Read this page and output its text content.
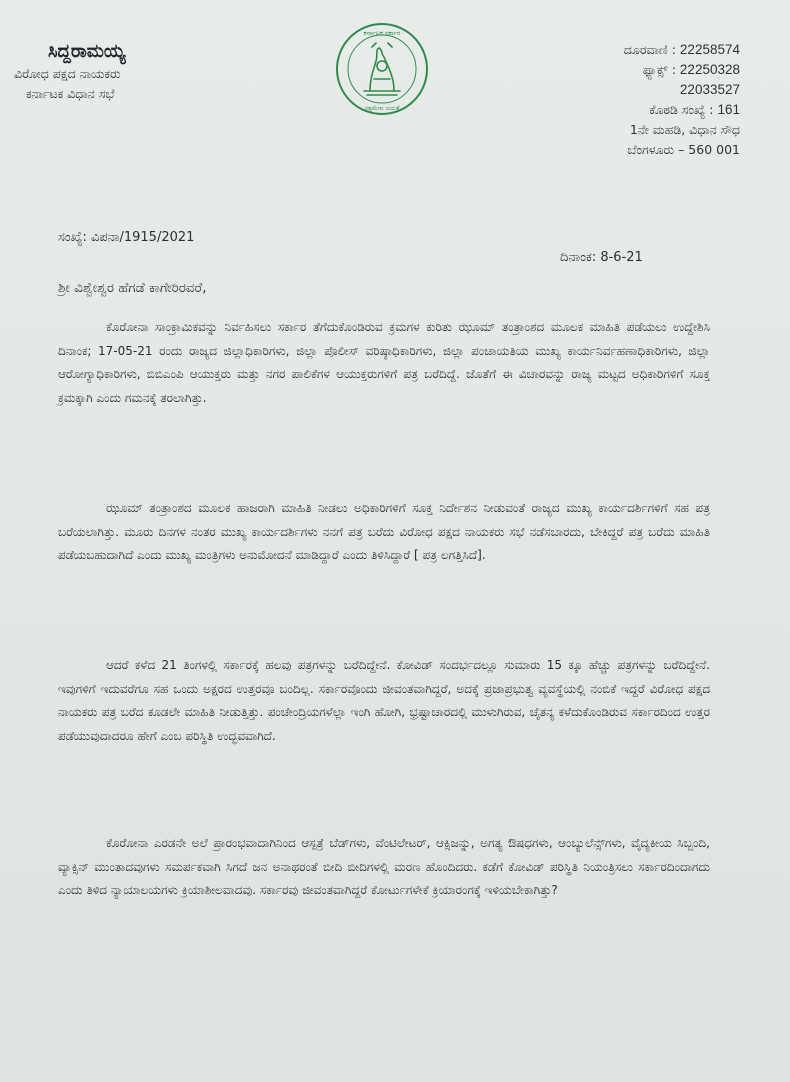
ಸಿದ್ದರಾಮಯ್ಯ
ವಿರೋಧ ಪಕ್ಷದ ನಾಯಕರು
ಕರ್ನಾಟಕ ವಿಧಾನ ಸಭೆ
ಕರ್ನಾಟಕ ಸರ್ಕಾರ
ಸತ್ಯಮೇವ ಜಯತೆ
ದೂರವಾಣಿ : 22258574
ಫ್ಯಾಕ್ಸ್ : 22250328
22033527
ಕೊಠಡಿ ಸಂಖ್ಯೆ : 161
1ನೇ ಮಹಡಿ, ವಿಧಾನ ಸೌಧ
ಬೆಂಗಳೂರು – 560 001
ಸಂಖ್ಯೆ: ವಿಪನಾ/1915/2021
ದಿನಾಂಕ: 8-6-21
ಶ್ರೀ ವಿಶ್ವೇಶ್ವರ ಹೆಗಡೆ ಕಾಗೇರಿರವರೆ,

ಕೊರೋನಾ ಸಾಂಕ್ರಾಮಿಕವನ್ನು ನಿರ್ವಹಿಸಲು ಸರ್ಕಾರ ತೆಗೆದುಕೊಂಡಿರುವ ಕ್ರಮಗಳ ಕುರಿತು ಝೂಮ್ ತಂತ್ರಾಂಶದ ಮೂಲಕ ಮಾಹಿತಿ ಪಡೆಯಲು ಉದ್ದೇಶಿಸಿ ದಿನಾಂಕ; 17-05-21 ರಂದು ರಾಜ್ಯದ ಜಿಲ್ಲಾಧಿಕಾರಿಗಳು, ಜಿಲ್ಲಾ ಪೊಲೀಸ್ ವರಿಷ್ಠಾಧಿಕಾರಿಗಳು, ಜಿಲ್ಲಾ ಪಂಚಾಯತಿಯ ಮುಖ್ಯ ಕಾರ್ಯನಿರ್ವಹಣಾಧಿಕಾರಿಗಳು, ಜಿಲ್ಲಾ ಆರೋಗ್ಯಾಧಿಕಾರಿಗಳು, ಬಿಬಿಎಂಪಿ ಆಯುಕ್ತರು ಮತ್ತು ನಗರ ಪಾಲಿಕೆಗಳ ಆಯುಕ್ತರುಗಳಿಗೆ ಪತ್ರ ಬರೆದಿದ್ದೆ. ಜೊತೆಗೆ ಈ ವಿಚಾರವನ್ನು ರಾಜ್ಯ ಮಟ್ಟದ ಅಧಿಕಾರಿಗಳಿಗೆ ಸೂಕ್ತ ಕ್ರಮಕ್ಕಾಗಿ ಎಂದು ಗಮನಕ್ಕೆ ತರಲಾಗಿತ್ತು.

ಝೂಮ್ ತಂತ್ರಾಂಶದ ಮೂಲಕ ಹಾಜರಾಗಿ ಮಾಹಿತಿ ನೀಡಲು ಅಧಿಕಾರಿಗಳಿಗೆ ಸೂಕ್ತ ನಿರ್ದೇಶನ ನೀಡುವಂತೆ ರಾಜ್ಯದ ಮುಖ್ಯ ಕಾರ್ಯದರ್ಶಿಗಳಿಗೆ ಸಹ ಪತ್ರ ಬರೆಯಲಾಗಿತ್ತು. ಮೂರು ದಿನಗಳ ನಂತರ ಮುಖ್ಯ ಕಾರ್ಯದರ್ಶಿಗಳು ನನಗೆ ಪತ್ರ ಬರೆದು ವಿರೋಧ ಪಕ್ಷದ ನಾಯಕರು ಸಭೆ ನಡೆಸಬಾರದು, ಬೇಕಿದ್ದರೆ ಪತ್ರ ಬರೆದು ಮಾಹಿತಿ ಪಡೆಯಬಹುದಾಗಿದೆ ಎಂದು ಮುಖ್ಯ ಮಂತ್ರಿಗಳು ಅನುಮೋದನೆ ಮಾಡಿದ್ದಾರೆ ಎಂದು ತಿಳಿಸಿದ್ದಾರೆ [ ಪತ್ರ ಲಗತ್ತಿಸಿದೆ].

ಆದರೆ ಕಳೆದ 21 ತಿಂಗಳಲ್ಲಿ ಸರ್ಕಾರಕ್ಕೆ ಹಲವು ಪತ್ರಗಳನ್ನು ಬರೆದಿದ್ದೇನೆ. ಕೋವಿಡ್ ಸಂದರ್ಭದಲ್ಲೂ ಸುಮಾರು 15 ಕ್ಕೂ ಹೆಚ್ಚು ಪತ್ರಗಳನ್ನು ಬರೆದಿದ್ದೇನೆ. ಇವುಗಳಿಗೆ ಇದುವರೆಗೂ ಸಹ ಒಂದು ಅಕ್ಷರದ ಉತ್ತರವೂ ಬಂದಿಲ್ಲ. ಸರ್ಕಾರವೊಂದು ಜೀವಂತವಾಗಿದ್ದರೆ, ಅದಕ್ಕೆ ಪ್ರಜಾಪ್ರಭುತ್ವ ವ್ಯವಸ್ಥೆಯಲ್ಲಿ ನಂಬಿಕೆ ಇದ್ದರೆ ವಿರೋಧ ಪಕ್ಷದ ನಾಯಕರು ಪತ್ರ ಬರೆದ ಕೂಡಲೇ ಮಾಹಿತಿ ನೀಡುತ್ತಿತ್ತು. ಪಂಚೇಂದ್ರಿಯಗಳೆಲ್ಲಾ ಇಂಗಿ ಹೋಗಿ, ಭ್ರಷ್ಟಾಚಾರದಲ್ಲಿ ಮುಳುಗಿರುವ, ಚೈತನ್ಯ ಕಳೆದುಕೊಂಡಿರುವ ಸರ್ಕಾರದಿಂದ ಉತ್ತರ ಪಡೆಯುವುದಾದರೂ ಹೇಗೆ ಎಂಬ ಪರಿಸ್ಥಿತಿ ಉದ್ಭವವಾಗಿದೆ.

ಕೊರೋನಾ ಎರಡನೇ ಅಲೆ ಪ್ರಾರಂಭವಾದಾಗಿನಿಂದ ಆಸ್ಪತ್ರೆ ಬೆಡ್‌ಗಳು, ವೆಂಟಿಲೇಟರ್, ಆಕ್ಸಿಜನ್ನು, ಅಗತ್ಯ ಔಷಧಗಳು, ಆಂಬ್ಯುಲೆನ್ಸ್‌ಗಳು, ವೈದ್ಯಕೀಯ ಸಿಬ್ಬಂದಿ, ವ್ಯಾಕ್ಸಿನ್ ಮುಂತಾದವುಗಳು ಸಮರ್ಪಕವಾಗಿ ಸಿಗದೆ ಜನ ಅನಾಥರಂತೆ ಬೀದಿ ಬೀದಿಗಳಲ್ಲಿ ಮರಣ ಹೊಂದಿದರು. ಕಡೆಗೆ ಕೋವಿಡ್ ಪರಿಸ್ಥಿತಿ ನಿಯಂತ್ರಿಸಲು ಸರ್ಕಾರದಿಂದಾಗದು ಎಂದು ತಿಳಿದ ನ್ಯಾಯಾಲಯಗಳು ಕ್ರಿಯಾಶೀಲವಾದವು. ಸರ್ಕಾರವು ಜೀವಂತವಾಗಿದ್ದರೆ ಕೋರ್ಟುಗಳೇಕೆ ಕ್ರಿಯಾರಂಗಕ್ಕೆ ಇಳಿಯಬೇಕಾಗಿತ್ತು?
